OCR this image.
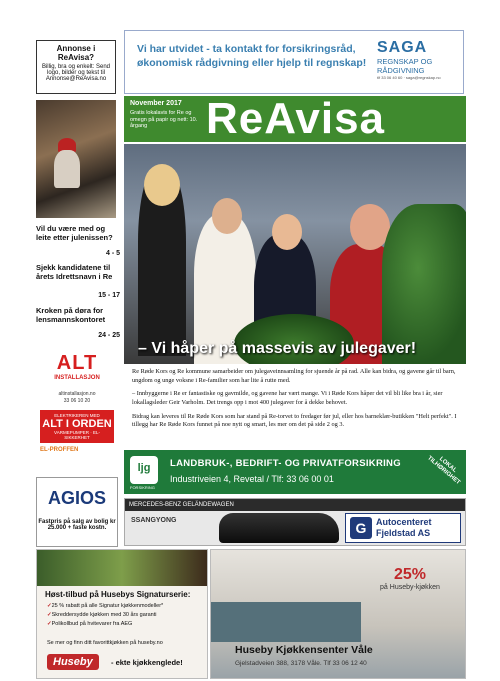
Annonse i ReAvisa?
Billig, bra og enkelt: Send logo, bilder og tekst til Annonse@ReAvisa.no
Vil du være med og leite etter julenissen?
4 - 5
Sjekk kandidatene til årets Idrettsnavn i Re
15 - 17
Kroken på døra for lensmannskontoret
24 - 25
ALT
INSTALLASJON
altinstallasjon.no
33 06 10 20
ELEKTRIKEREN MED
ALT I ORDEN
VARMEPUMPER · EL-SIKKERHET
EL-PROFFEN
AGIOS
Fastpris på salg av bolig kr 25.000 + faste kostn.
Vi har utvidet - ta kontakt for forsikringsråd, økonomisk rådgivning eller hjelp til regnskap!
SAGA
REGNSKAP OG RÅDGIVNING
tlf 33 06 40 60 · saga@regnskap.no
November 2017
Gratis lokalavis for Re og omegn på papir og nett: 10. årgang	ReAvisa
– Vi håper på massevis av julegaver!

Re Røde Kors og Re kommune samarbeider om julegaveinnsamling for sjuende år på rad. Alle kan bidra, og gavene går til barn, ungdom og unge voksne i Re-familier som har lite å rutte med.

– Innbyggerne i Re er fantastiske og gavmilde, og gavene har vært mange. Vi i Røde Kors håper det vil bli like bra i år, sier lokallagsleder Geir Varholm. Det trengs opp i mot 400 julegaver for å dekke behovet.

Bidrag kan leveres til Re Røde Kors som har stand på Re-torvet to fredager før jul, eller hos barneklær-butikken "Helt perfekt". I tillegg har Re Røde Kors funnet på noe nytt og smart, les mer om det på side 2 og 3.

ljg
FORSIKRING
LANDBRUK-, BEDRIFT- OG PRIVATFORSIKRING
Industriveien 4, Revetal / Tlf: 33 06 00 01
LOKAL TILHØRIGHET
MERCEDES-BENZ GELÄNDEWAGEN
SSANGYONG	G	Autocenteret
Fjeldstad AS
Høst-tilbud på Husebys Signaturserie:
✓ 25 % rabatt på alle Signatur kjøkkenmodeller*
✓ Skreddersydde kjøkken med 30 års garanti
✓ Polikollbud på hvitevarer fra AEG
Se mer og finn ditt favorittkjøkken på huseby.no
Huseby	- ekte kjøkkenglede!
25%
på Huseby-kjøkken
Huseby Kjøkkensenter Våle
Gjelstadveien 388, 3178 Våle. Tlf 33 06 12 40
